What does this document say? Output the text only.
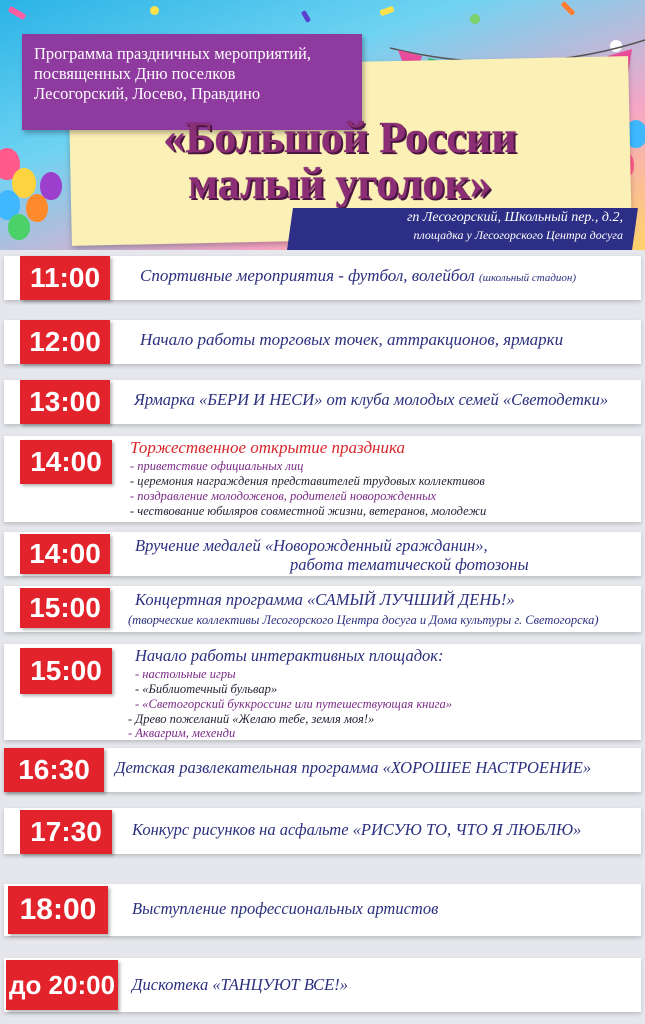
Программа праздничных мероприятий,
посвященных Дню поселков
Лесогорский, Лосево, Правдино
«Большой России
малый уголок»
гп Лесогорский, Школьный пер., д.2,
площадка у Лесогорского Центра досуга
11:00	Спортивные мероприятия - футбол, волейбол (школьный стадион)
12:00	Начало работы торговых точек, аттракционов, ярмарки
13:00	Ярмарка «БЕРИ И НЕСИ» от клуба молодых семей «Светодетки»
14:00	Торжественное открытие праздника
- приветствие официальных лиц
- церемония награждения представителей трудовых коллективов
- поздравление молодоженов, родителей новорожденных
- чествование юбиляров совместной жизни, ветеранов, молодежи
14:00	Вручение медалей «Новорожденный гражданин»,
работа тематической фотозоны
15:00	Концертная программа «САМЫЙ ЛУЧШИЙ ДЕНЬ!»
(творческие коллективы Лесогорского Центра досуга и Дома культуры г. Светогорска)
15:00	Начало работы интерактивных площадок:
- настольные игры
- «Библиотечный бульвар»
- «Светогорский буккроссинг или путешествующая книга»
- Древо пожеланий «Желаю тебе, земля моя!»
- Аквагрим, мехенди
16:30	Детская развлекательная программа «ХОРОШЕЕ НАСТРОЕНИЕ»
17:30	Конкурс рисунков на асфальте «РИСУЮ ТО, ЧТО Я ЛЮБЛЮ»
18:00	Выступление профессиональных артистов
до 20:00 Дискотека «ТАНЦУЮТ ВСЕ!»
